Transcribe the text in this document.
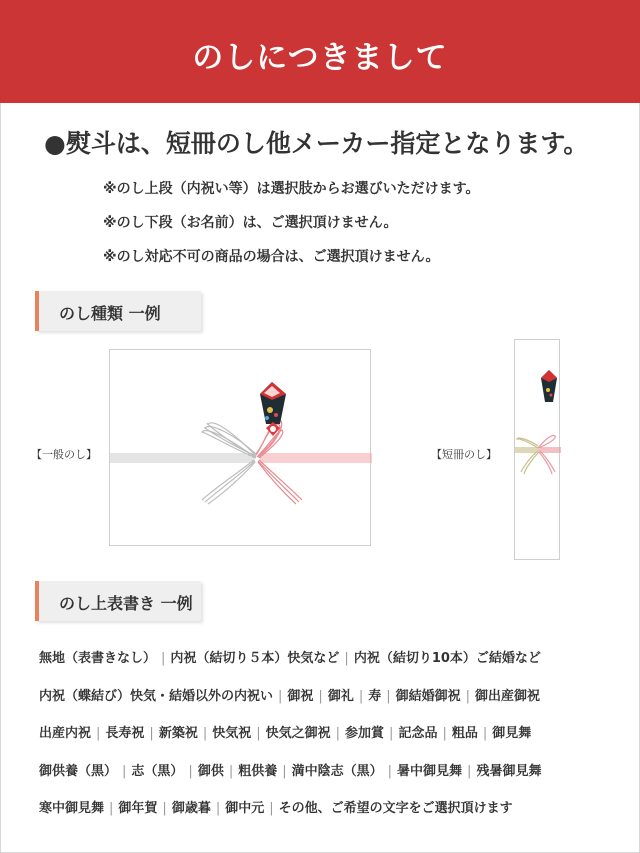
のしにつきまして
●熨斗は、短冊のし他メーカー指定となります。
※のし上段（内祝い等）は選択肢からお選びいただけます。
※のし下段（お名前）は、ご選択頂けません。
※のし対応不可の商品の場合は、ご選択頂けません。
のし種類 一例
【一般のし】	【短冊のし】
のし上表書き 一例
無地（表書きなし） | 内祝（結切り５本）快気など | 内祝（結切り10本）ご結婚など
内祝（蝶結び）快気・結婚以外の内祝い | 御祝 | 御礼 | 寿 | 御結婚御祝 | 御出産御祝
出産内祝 | 長寿祝 | 新築祝 | 快気祝 | 快気之御祝 | 参加賞 | 記念品 | 粗品 | 御見舞
御供養（黒） | 志（黒） | 御供 | 粗供養 | 満中陰志（黒） | 暑中御見舞 | 残暑御見舞
寒中御見舞 | 御年賀 | 御歳暮 | 御中元 | その他、ご希望の文字をご選択頂けます
